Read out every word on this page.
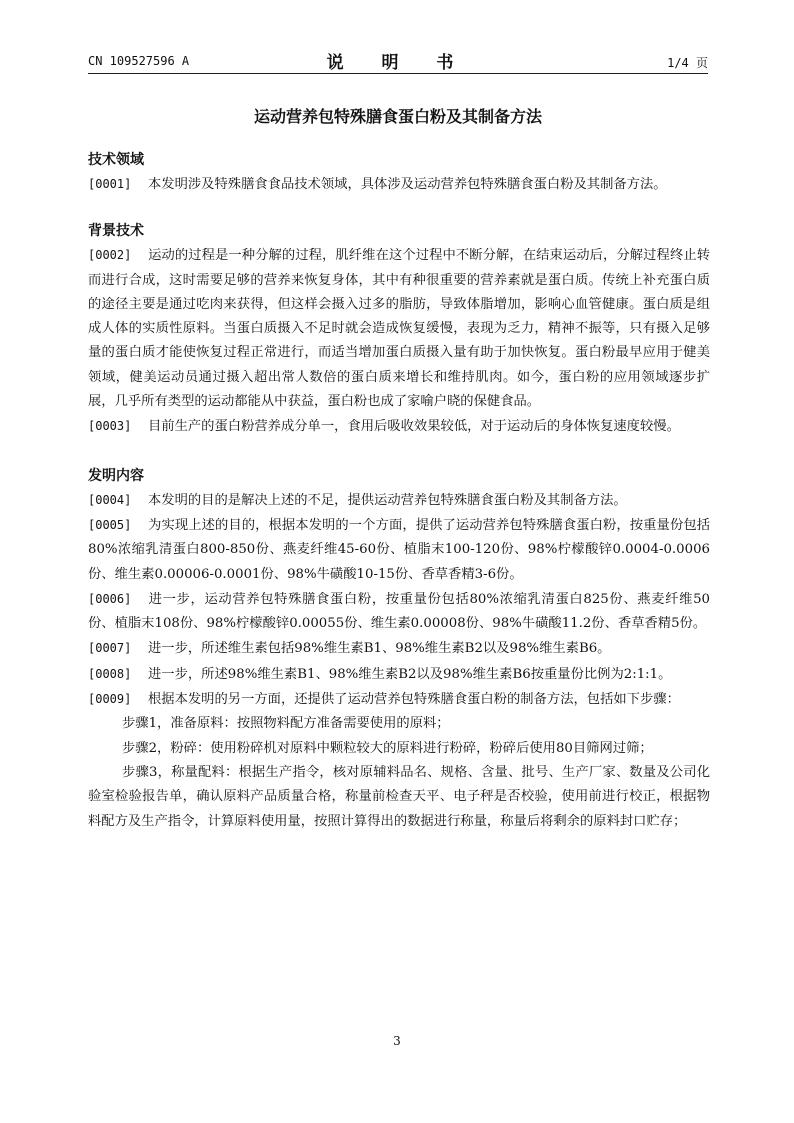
CN 109527596 A	说 明 书	1/4 页
运动营养包特殊膳食蛋白粉及其制备方法
技术领域
[0001] 本发明涉及特殊膳食食品技术领域，具体涉及运动营养包特殊膳食蛋白粉及其制备方法。
背景技术
[0002] 运动的过程是一种分解的过程，肌纤维在这个过程中不断分解，在结束运动后，分解过程终止转而进行合成，这时需要足够的营养来恢复身体，其中有种很重要的营养素就是蛋白质。传统上补充蛋白质的途径主要是通过吃肉来获得，但这样会摄入过多的脂肪，导致体脂增加，影响心血管健康。蛋白质是组成人体的实质性原料。当蛋白质摄入不足时就会造成恢复缓慢，表现为乏力，精神不振等，只有摄入足够量的蛋白质才能使恢复过程正常进行，而适当增加蛋白质摄入量有助于加快恢复。蛋白粉最早应用于健美领域，健美运动员通过摄入超出常人数倍的蛋白质来增长和维持肌肉。如今，蛋白粉的应用领域逐步扩展，几乎所有类型的运动都能从中获益，蛋白粉也成了家喻户晓的保健食品。
[0003] 目前生产的蛋白粉营养成分单一，食用后吸收效果较低，对于运动后的身体恢复速度较慢。
发明内容
[0004] 本发明的目的是解决上述的不足，提供运动营养包特殊膳食蛋白粉及其制备方法。
[0005] 为实现上述的目的，根据本发明的一个方面，提供了运动营养包特殊膳食蛋白粉，按重量份包括80%浓缩乳清蛋白800-850份、燕麦纤维45-60份、植脂末100-120份、98%柠檬酸锌0.0004-0.0006份、维生素0.00006-0.0001份、98%牛磺酸10-15份、香草香精3-6份。
[0006] 进一步，运动营养包特殊膳食蛋白粉，按重量份包括80%浓缩乳清蛋白825份、燕麦纤维50份、植脂末108份、98%柠檬酸锌0.00055份、维生素0.00008份、98%牛磺酸11.2份、香草香精5份。
[0007] 进一步，所述维生素包括98%维生素B1、98%维生素B2以及98%维生素B6。
[0008] 进一步，所述98%维生素B1、98%维生素B2以及98%维生素B6按重量份比例为2:1:1。
[0009] 根据本发明的另一方面，还提供了运动营养包特殊膳食蛋白粉的制备方法，包括如下步骤：
步骤1，准备原料：按照物料配方准备需要使用的原料；
步骤2，粉碎：使用粉碎机对原料中颗粒较大的原料进行粉碎，粉碎后使用80目筛网过筛；
步骤3，称量配料：根据生产指令，核对原辅料品名、规格、含量、批号、生产厂家、数量及公司化验室检验报告单，确认原料产品质量合格，称量前检查天平、电子秤是否校验，使用前进行校正，根据物料配方及生产指令，计算原料使用量，按照计算得出的数据进行称量，称量后将剩余的原料封口贮存；
3
